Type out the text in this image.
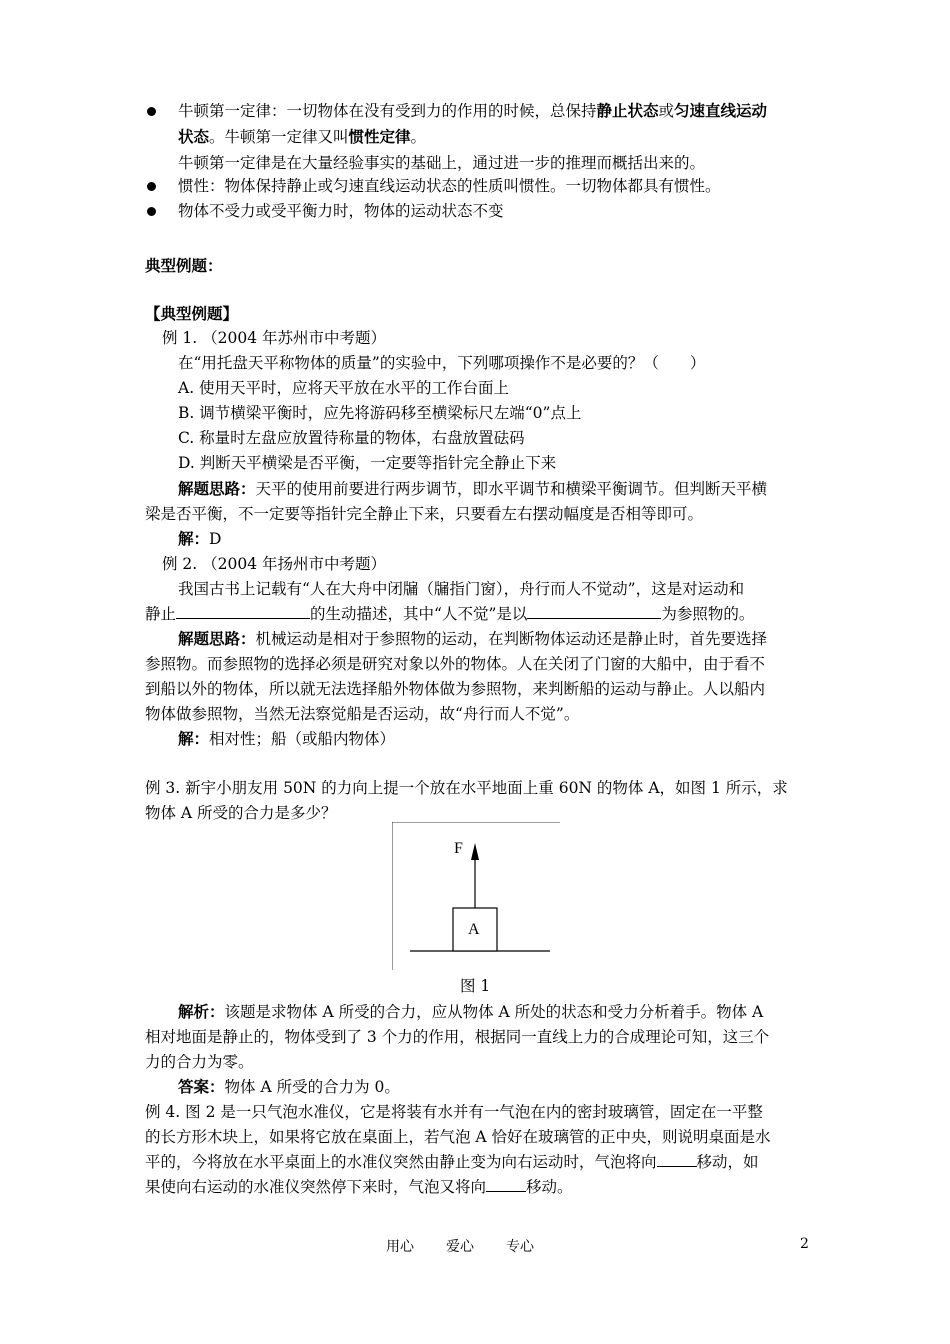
牛顿第一定律：一切物体在没有受到力的作用的时候，总保持静止状态或匀速直线运动
状态。牛顿第一定律又叫惯性定律。
牛顿第一定律是在大量经验事实的基础上，通过进一步的推理而概括出来的。
惯性：物体保持静止或匀速直线运动状态的性质叫惯性。一切物体都具有惯性。
物体不受力或受平衡力时，物体的运动状态不变
典型例题：
【典型例题】
例 1. （2004 年苏州市中考题）
在“用托盘天平称物体的质量”的实验中，下列哪项操作不是必要的？（　　）
A. 使用天平时，应将天平放在水平的工作台面上
B. 调节横梁平衡时，应先将游码移至横梁标尺左端“0”点上
C. 称量时左盘应放置待称量的物体，右盘放置砝码
D. 判断天平横梁是否平衡，一定要等指针完全静止下来
解题思路：天平的使用前要进行两步调节，即水平调节和横梁平衡调节。但判断天平横
梁是否平衡，不一定要等指针完全静止下来，只要看左右摆动幅度是否相等即可。
解：D
例 2. （2004 年扬州市中考题）
我国古书上记载有“人在大舟中闭牖（牖指门窗），舟行而人不觉动”，这是对运动和
静止	的生动描述，其中“人不觉”是以	为参照物的。
解题思路：机械运动是相对于参照物的运动，在判断物体运动还是静止时，首先要选择
参照物。而参照物的选择必须是研究对象以外的物体。人在关闭了门窗的大船中，由于看不
到船以外的物体，所以就无法选择船外物体做为参照物，来判断船的运动与静止。人以船内
物体做参照物，当然无法察觉船是否运动，故“舟行而人不觉”。
解：相对性；船（或船内物体）
例 3. 新宇小朋友用 50N 的力向上提一个放在水平地面上重 60N 的物体 A，如图 1 所示，求
物体 A 所受的合力是多少？
F
A
图 1
解析：该题是求物体 A 所受的合力，应从物体 A 所处的状态和受力分析着手。物体 A
相对地面是静止的，物体受到了 3 个力的作用，根据同一直线上力的合成理论可知，这三个
力的合力为零。
答案：物体 A 所受的合力为 0。
例 4. 图 2 是一只气泡水准仪，它是将装有水并有一气泡在内的密封玻璃管，固定在一平整
的长方形木块上，如果将它放在桌面上，若气泡 A 恰好在玻璃管的正中央，则说明桌面是水
平的，今将放在水平桌面上的水准仪突然由静止变为向右运动时，气泡将向	移动，如
果使向右运动的水准仪突然停下来时，气泡又将向	移动。
用心 爱心 专心	2
